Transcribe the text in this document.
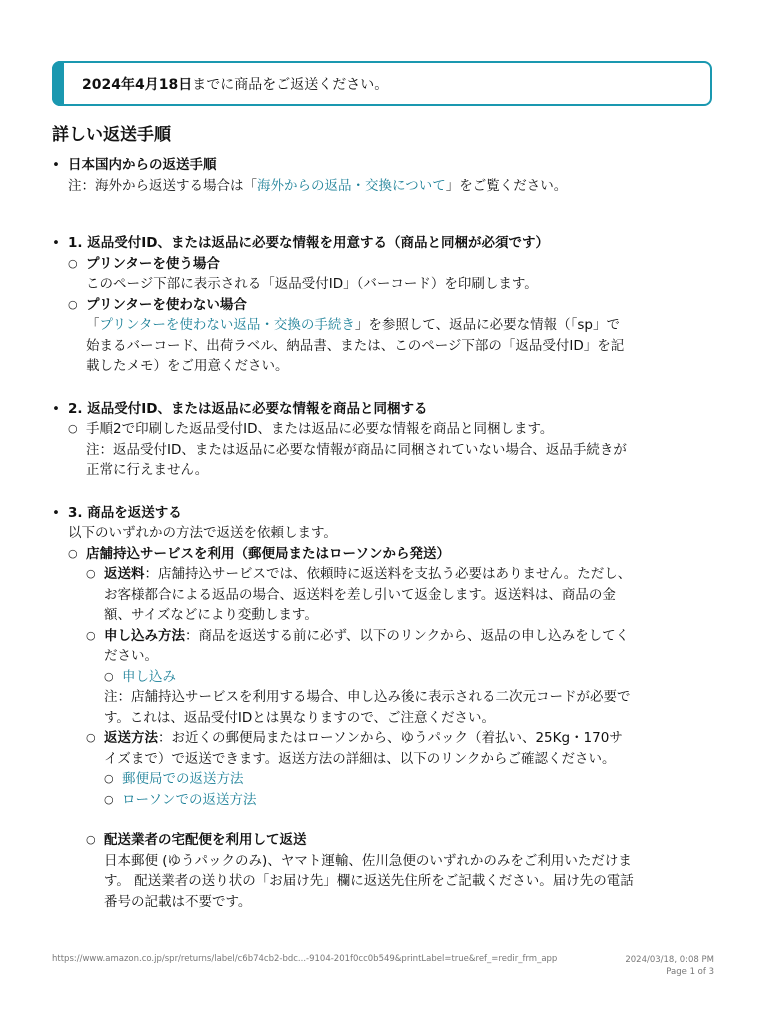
2024年4月18日までに商品をご返送ください。
詳しい返送手順
• 日本国内からの返送手順
注：海外から返送する場合は「海外からの返品・交換について」をご覧ください。
• 1. 返品受付ID、または返品に必要な情報を用意する（商品と同梱が必須です）
○ プリンターを使う場合
このページ下部に表示される「返品受付ID」（バーコード）を印刷します。
○ プリンターを使わない場合
「プリンターを使わない返品・交換の手続き」を参照して、返品に必要な情報（「sp」で
始まるバーコード、出荷ラベル、納品書、または、このページ下部の「返品受付ID」を記
載したメモ）をご用意ください。
• 2. 返品受付ID、または返品に必要な情報を商品と同梱する
○ 手順2で印刷した返品受付ID、または返品に必要な情報を商品と同梱します。
注：返品受付ID、または返品に必要な情報が商品に同梱されていない場合、返品手続きが
正常に行えません。
• 3. 商品を返送する
以下のいずれかの方法で返送を依頼します。
○ 店舗持込サービスを利用（郵便局またはローソンから発送）
○ 返送料：店舗持込サービスでは、依頼時に返送料を支払う必要はありません。ただし、
お客様都合による返品の場合、返送料を差し引いて返金します。返送料は、商品の金
額、サイズなどにより変動します。
○ 申し込み方法：商品を返送する前に必ず、以下のリンクから、返品の申し込みをしてく
ださい。
○ 申し込み
注：店舗持込サービスを利用する場合、申し込み後に表示される二次元コードが必要で
す。これは、返品受付IDとは異なりますので、ご注意ください。
○ 返送方法：お近くの郵便局またはローソンから、ゆうパック（着払い、25Kg・170サ
イズまで）で返送できます。返送方法の詳細は、以下のリンクからご確認ください。
○ 郵便局での返送方法
○ ローソンでの返送方法
○ 配送業者の宅配便を利用して返送
日本郵便 (ゆうパックのみ)、ヤマト運輸、佐川急便のいずれかのみをご利用いただけま
す。 配送業者の送り状の「お届け先」欄に返送先住所をご記載ください。届け先の電話
番号の記載は不要です。
https://www.amazon.co.jp/spr/returns/label/c6b74cb2-bdc...-9104-201f0cc0b549&printLabel=true&ref_=redir_frm_app	2024/03/18, 0:08 PM
Page 1 of 3
